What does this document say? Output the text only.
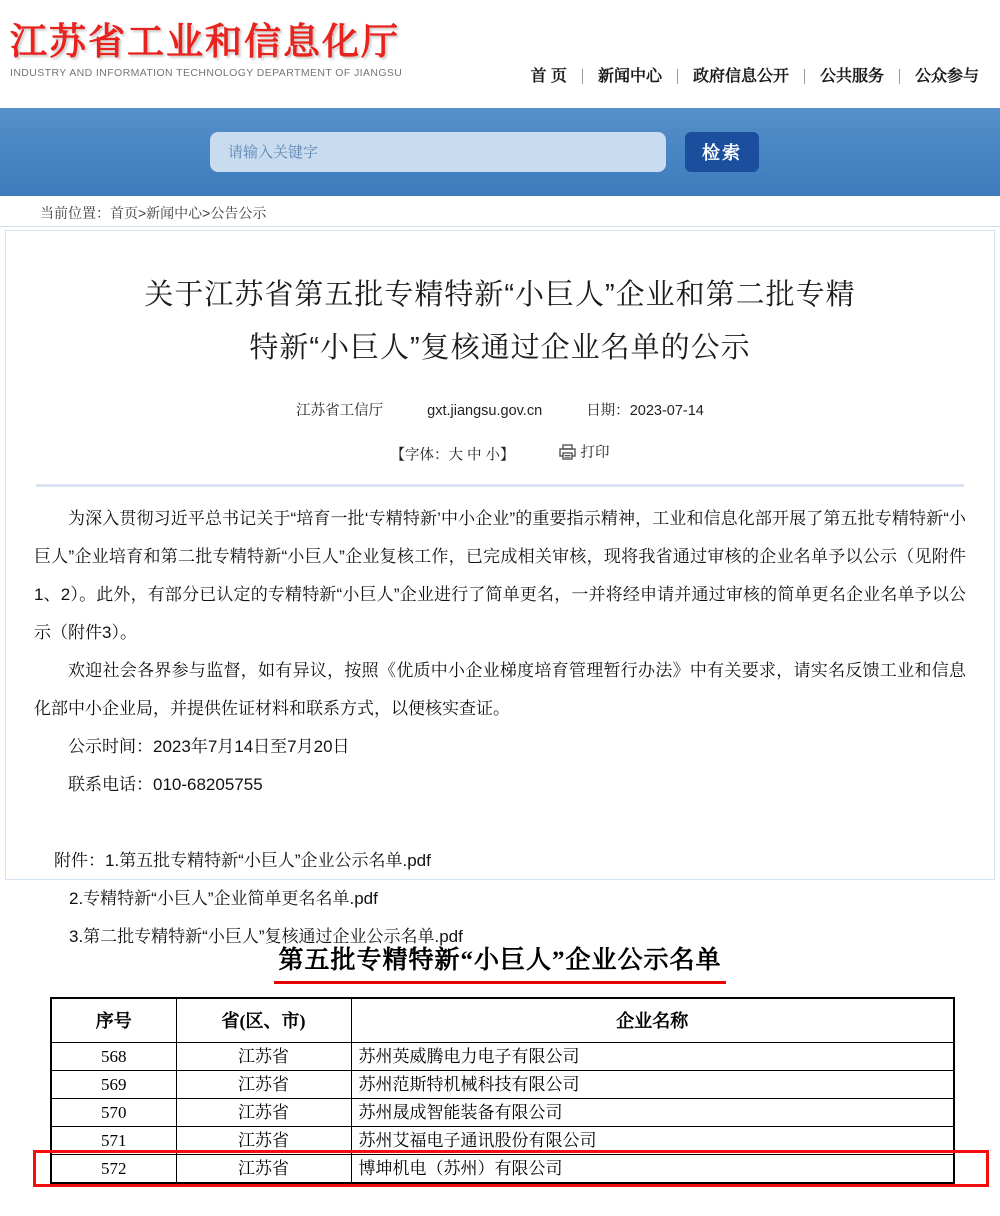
江苏省工业和信息化厅
INDUSTRY AND INFORMATION TECHNOLOGY DEPARTMENT OF JIANGSU	首 页	新闻中心	政府信息公开	公共服务	公众参与
请输入关键字
检索
当前位置：首页>新闻中心>公告公示
关于江苏省第五批专精特新“小巨人”企业和第二批专精
特新“小巨人”复核通过企业名单的公示
江苏省工信厅	gxt.jiangsu.gov.cn	日期：2023-07-14
【字体：大 中 小】	打印

为深入贯彻习近平总书记关于“培育一批‘专精特新’中小企业”的重要指示精神，工业和信息化部开展了第五批专精特新“小巨人”企业培育和第二批专精特新“小巨人”企业复核工作，已完成相关审核，现将我省通过审核的企业名单予以公示（见附件1、2）。此外，有部分已认定的专精特新“小巨人”企业进行了简单更名，一并将经申请并通过审核的简单更名企业名单予以公示（附件3）。

欢迎社会各界参与监督，如有异议，按照《优质中小企业梯度培育管理暂行办法》中有关要求，请实名反馈工业和信息化部中小企业局，并提供佐证材料和联系方式，以便核实查证。

公示时间：2023年7月14日至7月20日
联系电话：010-68205755
附件：1.第五批专精特新“小巨人”企业公示名单.pdf
2.专精特新“小巨人”企业简单更名名单.pdf
3.第二批专精特新“小巨人”复核通过企业公示名单.pdf
第五批专精特新“小巨人”企业公示名单
序号	省(区、市)	企业名称
568	江苏省	苏州英威腾电力电子有限公司
569	江苏省	苏州范斯特机械科技有限公司
570	江苏省	苏州晟成智能装备有限公司
571	江苏省	苏州艾福电子通讯股份有限公司
572	江苏省	博坤机电（苏州）有限公司
